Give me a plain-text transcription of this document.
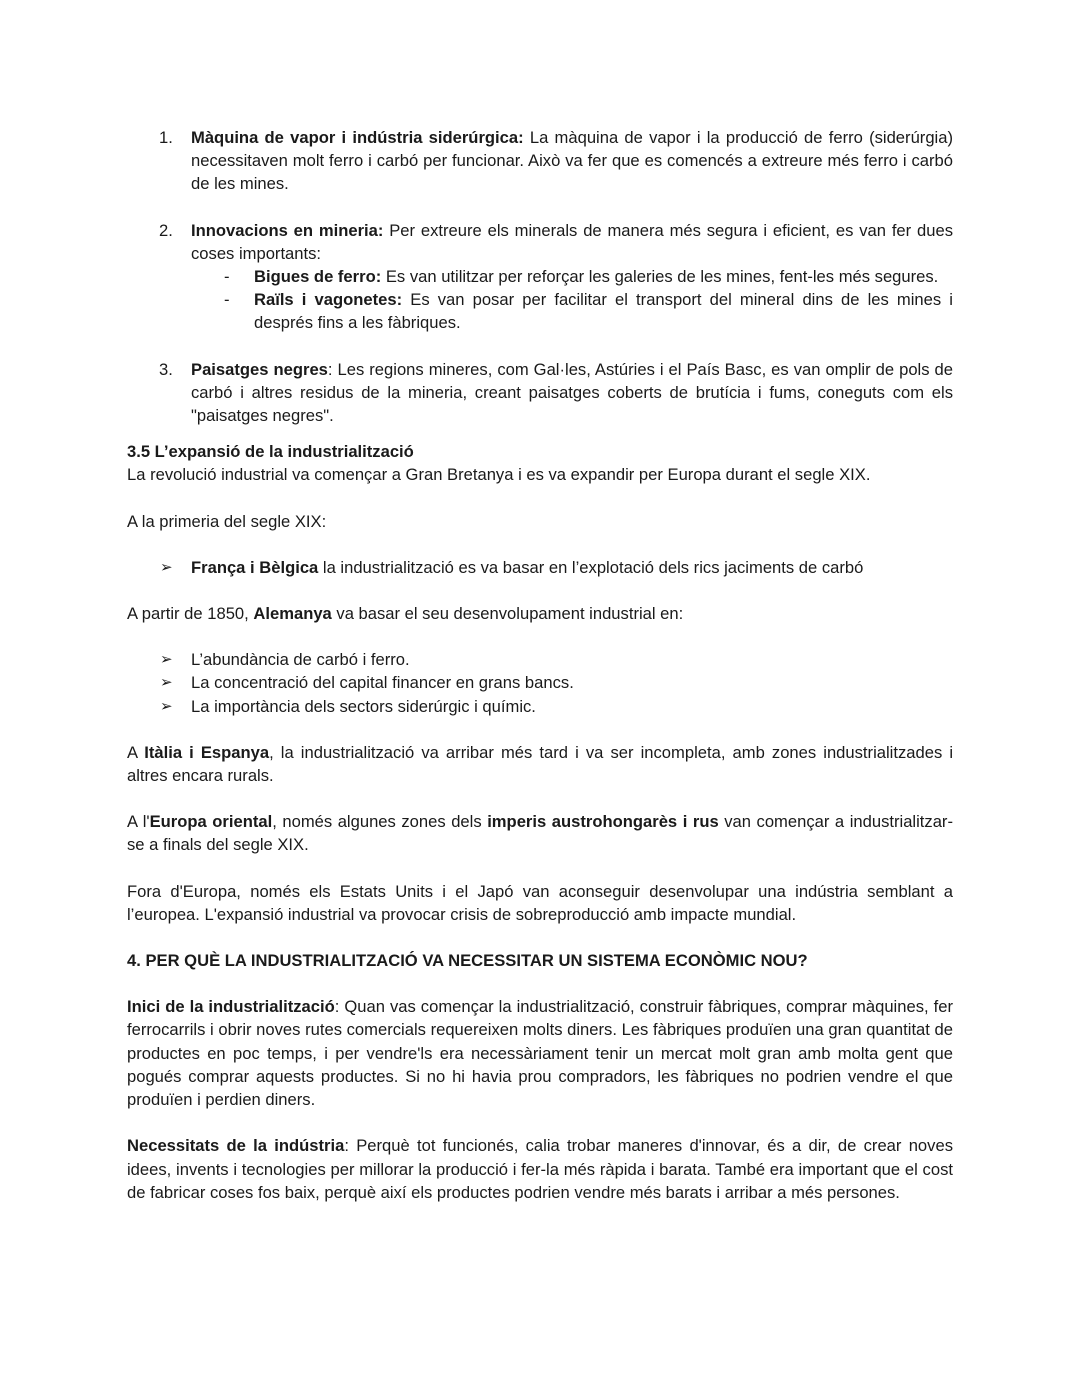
1. Màquina de vapor i indústria siderúrgica: La màquina de vapor i la producció de ferro (siderúrgia) necessitaven molt ferro i carbó per funcionar. Això va fer que es comencés a extreure més ferro i carbó de les mines.
2. Innovacions en mineria: Per extreure els minerals de manera més segura i eficient, es van fer dues coses importants:
- Bigues de ferro: Es van utilitzar per reforçar les galeries de les mines, fent-les més segures.
- Raïls i vagonetes: Es van posar per facilitar el transport del mineral dins de les mines i després fins a les fàbriques.
3. Paisatges negres: Les regions mineres, com Gal·les, Astúries i el País Basc, es van omplir de pols de carbó i altres residus de la mineria, creant paisatges coberts de brutícia i fums, coneguts com els "paisatges negres".
3.5 L’expansió de la industrialització

La revolució industrial va començar a Gran Bretanya i es va expandir per Europa durant el segle XIX.

A la primeria del segle XIX:

➢ França i Bèlgica la industrialització es va basar en l’explotació dels rics jaciments de carbó

A partir de 1850, Alemanya va basar el seu desenvolupament industrial en:

➢ L’abundància de carbó i ferro.
➢ La concentració del capital financer en grans bancs.
➢ La importància dels sectors siderúrgic i químic.

A Itàlia i Espanya, la industrialització va arribar més tard i va ser incompleta, amb zones industrialitzades i altres encara rurals.

A l'Europa oriental, només algunes zones dels imperis austrohongarès i rus van començar a industrialitzar-se a finals del segle XIX.

Fora d'Europa, només els Estats Units i el Japó van aconseguir desenvolupar una indústria semblant a l’europea. L'expansió industrial va provocar crisis de sobreproducció amb impacte mundial.

4. PER QUÈ LA INDUSTRIALITZACIÓ VA NECESSITAR UN SISTEMA ECONÒMIC NOU?

Inici de la industrialització: Quan vas començar la industrialització, construir fàbriques, comprar màquines, fer ferrocarrils i obrir noves rutes comercials requereixen molts diners. Les fàbriques produïen una gran quantitat de productes en poc temps, i per vendre'ls era necessàriament tenir un mercat molt gran amb molta gent que pogués comprar aquests productes. Si no hi havia prou compradors, les fàbriques no podrien vendre el que produïen i perdien diners.

Necessitats de la indústria: Perquè tot funcionés, calia trobar maneres d'innovar, és a dir, de crear noves idees, invents i tecnologies per millorar la producció i fer-la més ràpida i barata. També era important que el cost de fabricar coses fos baix, perquè així els productes podrien vendre més barats i arribar a més persones.
